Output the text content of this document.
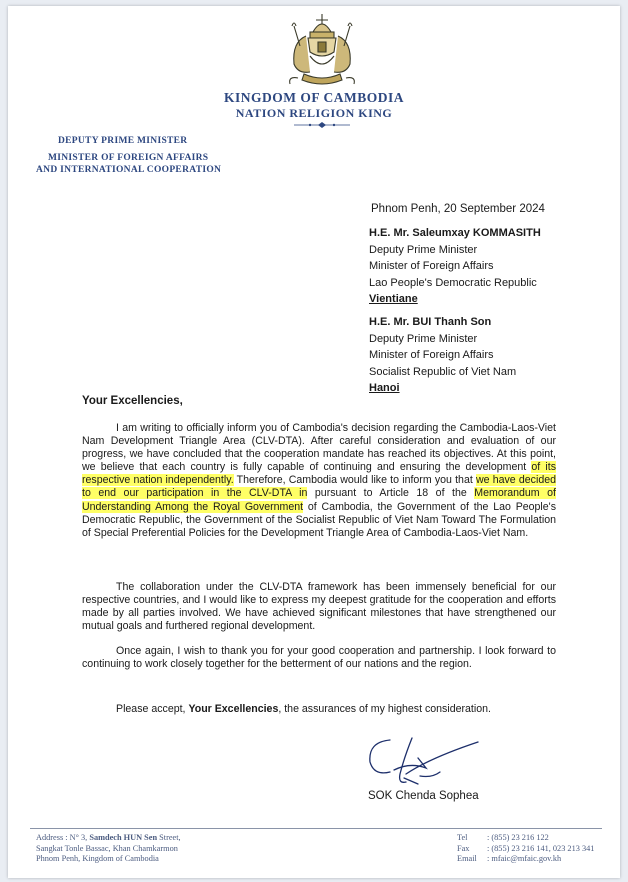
KINGDOM OF CAMBODIA
NATION RELIGION KING
DEPUTY PRIME MINISTER
MINISTER OF FOREIGN AFFAIRS
AND INTERNATIONAL COOPERATION
Phnom Penh, 20 September 2024
H.E. Mr. Saleumxay KOMMASITH
Deputy Prime Minister
Minister of Foreign Affairs
Lao People's Democratic Republic
Vientiane
H.E. Mr. BUI Thanh Son
Deputy Prime Minister
Minister of Foreign Affairs
Socialist Republic of Viet Nam
Hanoi
Your Excellencies,
I am writing to officially inform you of Cambodia's decision regarding the Cambodia-Laos-Viet Nam Development Triangle Area (CLV-DTA). After careful consideration and evaluation of our progress, we have concluded that the cooperation mandate has reached its objectives. At this point, we believe that each country is fully capable of continuing and ensuring the development of its respective nation independently. Therefore, Cambodia would like to inform you that we have decided to end our participation in the CLV-DTA in pursuant to Article 18 of the Memorandum of Understanding Among the Royal Government of Cambodia, the Government of the Lao People's Democratic Republic, the Government of the Socialist Republic of Viet Nam Toward The Formulation of Special Preferential Policies for the Development Triangle Area of Cambodia-Laos-Viet Nam.
The collaboration under the CLV-DTA framework has been immensely beneficial for our respective countries, and I would like to express my deepest gratitude for the cooperation and efforts made by all parties involved. We have achieved significant milestones that have strengthened our mutual goals and furthered regional development.
Once again, I wish to thank you for your good cooperation and partnership. I look forward to continuing to work closely together for the betterment of our nations and the region.
Please accept, Your Excellencies, the assurances of my highest consideration.
SOK Chenda Sophea
Address : N° 3, Samdech HUN Sen Street,
Sangkat Tonle Bassac, Khan Chamkarmon
Phnom Penh, Kingdom of Cambodia
Tel : (855) 23 216 122
Fax : (855) 23 216 141, 023 213 341
Email : mfaic@mfaic.gov.kh
